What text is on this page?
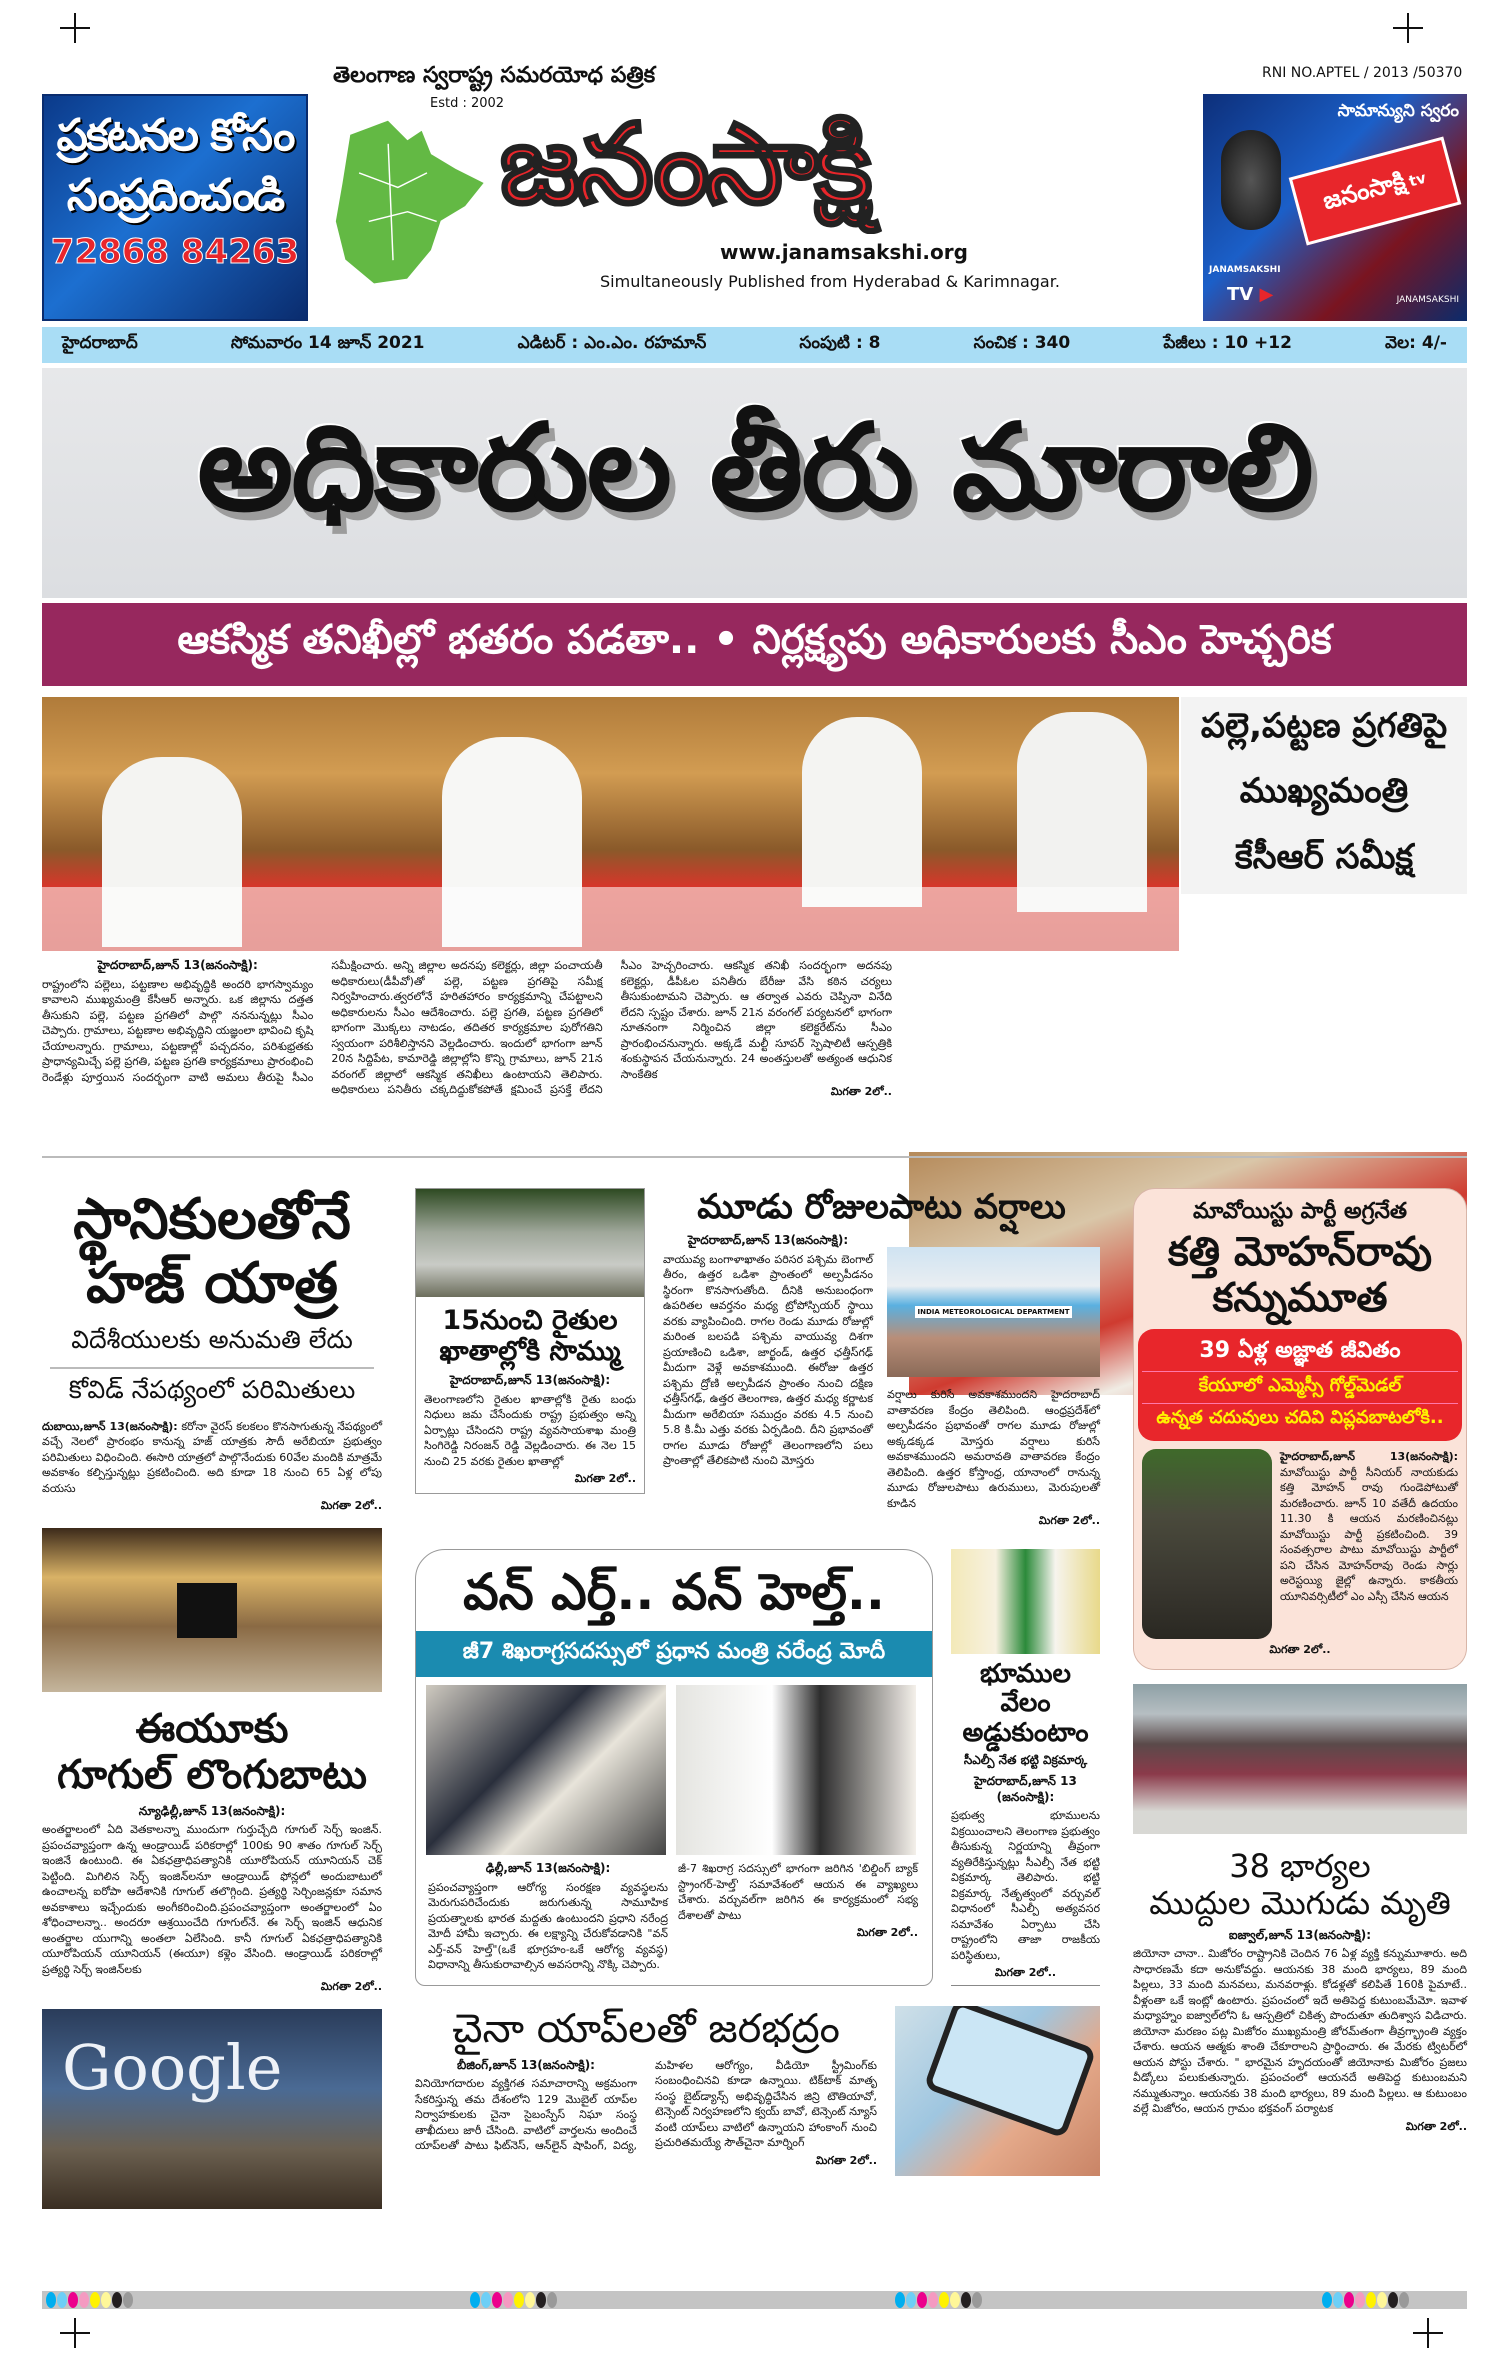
ప్రకటనల కోసం
సంప్రదించండి
72868 84263
తెలంగాణ స్వరాష్ట్ర సమరయోధ పత్రిక
Estd : 2002
జనంసాక్షి
www.janamsakshi.org
Simultaneously Published from Hyderabad & Karimnagar.
RNI NO.APTEL / 2013 /50370
సామాన్యుని స్వరం
జనంసాక్షి
tv
JANAMSAKSHI
TV ▶	JANAMSAKSHI
హైదరాబాద్	సోమవారం 14 జూన్ 2021	ఎడిటర్ : ఎం.ఎం. రహమాన్	సంపుటి : 8	సంచిక : 340	పేజీలు : 10 +12	వెల: 4/-
అధికారుల తీరు మారాలి
ఆకస్మిక తనిఖీల్లో భతరం పడతా.. • నిర్లక్ష్యపు అధికారులకు సీఎం హెచ్చరిక
పల్లె,పట్టణ ప్రగతిపై
ముఖ్యమంత్రి
కేసీఆర్ సమీక్ష
హైదరాబాద్,జూన్ 13(జనంసాక్షి):
రాష్ట్రంలోని పల్లెలు, పట్టణాల అభివృద్ధికి అందరి భాగస్వామ్యం కావాలని ముఖ్యమంత్రి కేసీఆర్ అన్నారు. ఒక జిల్లాను దత్తత తీసుకుని పల్లె, పట్టణ ప్రగతిలో పాల్గొ నననున్నట్లు సీఎం చెప్పారు. గ్రామాలు, పట్టణాల అభివృద్ధిని యజ్ఞంలా భావించి కృషి చేయాలన్నారు. గ్రామాలు, పట్టణాల్లో పచ్చదనం, పరిశుభ్రతకు ప్రాధాన్యమిచ్చే పల్లె ప్రగతి, పట్టణ ప్రగతి కార్యక్రమాలు ప్రారంభించి రెండేళ్లు పూర్తయిన సందర్భంగా వాటి అమలు తీరుపై సీఎం సమీక్షించారు. అన్ని జిల్లాల అదనపు కలెక్టర్లు, జిల్లా పంచాయతీ అధికారులు(డీపీవో)తో పల్లె, పట్టణ ప్రగతిపై సమీక్ష నిర్వహించారు.త్వరలోనే హరితహారం కార్యక్రమాన్ని చేపట్టాలని అధికారులను సీఎం ఆదేశించారు. పల్లె ప్రగతి, పట్టణ ప్రగతిలో భాగంగా మొక్కలు నాటడం, తదితర కార్యక్రమాల పురోగతిని స్వయంగా పరిశీలిస్తానని వెల్లడించారు. ఇందులో భాగంగా జూన్ 20న సిద్దిపేట, కామారెడ్డి జిల్లాల్లోని కొన్ని గ్రామాలు, జూన్ 21న వరంగల్ జిల్లాలో ఆకస్మిక తనిఖీలు ఉంటాయని తెలిపారు. అధికారులు పనితీరు చక్కదిద్దుకోకపోతే క్షమించే ప్రసక్తే లేదని సీఎం హెచ్చరించారు. ఆకస్మిక తనిఖీ సందర్భంగా అదనపు కలెక్టర్లు, డీపీఓల పనితీరు బేరీజు వేసి కఠిన చర్యలు తీసుకుంటామని చెప్పారు. ఆ తర్వాత ఎవరు చెప్పినా వినేది లేదని స్పష్టం చేశారు. జూన్ 21న వరంగల్ పర్యటనలో భాగంగా నూతనంగా నిర్మించిన జిల్లా కలెక్టరేట్‌ను సీఎం ప్రారంభించనున్నారు. అక్కడే మల్టీ సూపర్ స్పెషాలిటీ ఆస్పత్రికి శంకుస్థాపన చేయనున్నారు. 24 అంతస్తులతో అత్యంత ఆధునిక సాంకేతిక
మిగతా 2లో..
స్థానికులతోనే
హజ్ యాత్ర
విదేశీయులకు అనుమతి లేదు
కోవిడ్ నేపథ్యంలో పరిమితులు
దుబాయి,జూన్ 13(జనంసాక్షి): కరోనా వైరస్ కలకలం కొనసాగుతున్న నేపథ్యంలో వచ్చే నెలలో ప్రారంభం కానున్న హజ్ యాత్రకు సౌదీ అరేబియా ప్రభుత్వం పరిమితులు విధించింది. ఈసారి యాత్రలో పాల్గొనేందుకు 60వేల మందికి మాత్రమే అవకాశం కల్పిస్తున్నట్లు ప్రకటించింది. అది కూడా 18 నుంచి 65 ఏళ్ల లోపు వయసు
మిగతా 2లో..
ఈయూకు
గూగుల్ లొంగుబాటు
న్యూఢిల్లీ,జూన్ 13(జనంసాక్షి):
అంతర్జాలంలో ఏది వెతకాలన్నా ముందుగా గుర్తుచ్చేది గూగుల్ సెర్చ్ ఇంజిన్. ప్రపంచవ్యాప్తంగా ఉన్న ఆండ్రాయిడ్ పరికరాల్లో 100కు 90 శాతం గూగుల్ సెర్చ్ ఇంజినే ఉంటుంది. ఈ ఏకఛత్రాధిపత్యానికి యూరోపియన్ యూనియన్ చెక్ పెట్టింది. మిగిలిన సెర్చ్ ఇంజిన్‌లనూ ఆండ్రాయిడ్ ఫోన్లలో అందుబాటులో ఉంచాలన్న ఐరోపా ఆదేశానికి గూగుల్ తలొగ్గింది. ప్రత్యర్థి సెర్చింజన్లకూ సమాన అవకాశాలు ఇచ్చేందుకు అంగీకరించింది.ప్రపంచవ్యాప్తంగా అంతర్జాలంలో ఏం శోధించాలన్నా.. అందరూ ఆశ్రయించేది గూగుల్‌నే. ఈ సెర్చ్ ఇంజిన్ ఆధునిక అంతర్జాల యుగాన్ని అంతలా ఏలేసింది. కానీ గూగుల్ ఏకఛత్రాధిపత్యానికి యూరోపియన్ యూనియన్ (ఈయూ) కళ్లెం వేసింది. ఆండ్రాయిడ్ పరికరాల్లో ప్రత్యర్థి సెర్చ్ ఇంజిన్‌లకు
మిగతా 2లో..
Google
15నుంచి రైతుల
ఖాతాల్లోకి సొమ్ము
హైదరాబాద్,జూన్ 13(జనంసాక్షి):
తెలంగాణలోని రైతుల ఖాతాల్లోకి రైతు బంధు నిధులు జమ చేసేందుకు రాష్ట్ర ప్రభుత్వం అన్ని ఏర్పాట్లు చేసిందని రాష్ట్ర వ్యవసాయశాఖ మంత్రి సింగిరెడ్డి నిరంజన్ రెడ్డి వెల్లడించారు. ఈ నెల 15 నుంచి 25 వరకు రైతుల ఖాతాల్లో
మిగతా 2లో..
మూడు రోజులపాటు వర్షాలు
హైదరాబాద్,జూన్ 13(జనంసాక్షి):
వాయువ్య బంగాళాఖాతం పరిసర పశ్చిమ బెంగాల్ తీరం, ఉత్తర ఒడిశా ప్రాంతంలో అల్పపీడనం స్థిరంగా కొనసాగుతోంది. దీనికి అనుబంధంగా ఉపరితల ఆవర్తనం మధ్య ట్రోపోస్పియర్ స్థాయి వరకు వ్యాపించింది. రాగల రెండు మూడు రోజుల్లో మరింత బలపడి పశ్చిమ వాయువ్య దిశగా ప్రయాణించి ఒడిశా, జార్ఖండ్, ఉత్తర ఛత్తీస్‌గఢ్ మీదుగా వెళ్లే అవకాశముంది. ఈరోజు ఉత్తర పశ్చిమ ద్రోణి అల్పపీడన ప్రాంతం నుంచి దక్షిణ ఛత్తీస్‌గఢ్, ఉత్తర తెలంగాణ, ఉత్తర మధ్య కర్ణాటక మీదుగా అరేబియా సముద్రం వరకు 4.5 నుంచి 5.8 కి.మీ ఎత్తు వరకు ఏర్పడింది. దీని ప్రభావంతో రాగల మూడు రోజుల్లో తెలంగాణలోని పలు ప్రాంతాల్లో తేలికపాటి నుంచి మోస్తరు
INDIA METEOROLOGICAL DEPARTMENT
వర్షాలు కురిసే అవకాశముందని హైదరాబాద్ వాతావరణ కేంద్రం తెలిపింది. ఆంధ్రప్రదేశ్‌లో అల్పపీడనం ప్రభావంతో రాగల మూడు రోజుల్లో అక్కడక్కడ మోస్తరు వర్షాలు కురిసే అవకాశముందని అమరావతి వాతావరణ కేంద్రం తెలిపింది. ఉత్తర కోస్తాంధ్ర, యానాంలో రానున్న మూడు రోజులపాటు ఉరుములు, మెరుపులతో కూడిన
మిగతా 2లో..
వన్ ఎర్త్.. వన్ హెల్త్..
జీ7 శిఖరాగ్రసదస్సులో ప్రధాన మంత్రి నరేంద్ర మోదీ
ఢిల్లీ,జూన్ 13(జనంసాక్షి):
ప్రపంచవ్యాప్తంగా ఆరోగ్య సంరక్షణ వ్యవస్థలను మెరుగుపరిచేందుకు జరుగుతున్న సామూహిక ప్రయత్నాలకు భారత మద్దతు ఉంటుందని ప్రధాని నరేంద్ర మోదీ హామీ ఇచ్చారు. ఈ లక్ష్యాన్ని చేరుకోవడానికి "వన్ ఎర్త్-వన్ హెల్త్"(ఒకే భూగ్రహం-ఒకే ఆరోగ్య వ్యవస్థ) విధానాన్ని తీసుకురావాల్సిన అవసరాన్ని నొక్కి చెప్పారు.
జీ-7 శిఖరాగ్ర సదస్సులో భాగంగా జరిగిన 'బిల్డింగ్ బ్యాక్ స్ట్రాంగర్-హెల్త్' సమావేశంలో ఆయన ఈ వ్యాఖ్యలు చేశారు. వర్చువల్‌గా జరిగిన ఈ కార్యక్రమంలో సభ్య దేశాలతో పాటు
మిగతా 2లో..
భూముల
వేలం
అడ్డుకుంటాం
సీఎల్పీ నేత భట్టి విక్రమార్క
హైదరాబాద్,జూన్ 13 (జనంసాక్షి):
ప్రభుత్వ భూములను విక్రయించాలని తెలంగాణ ప్రభుత్వం తీసుకున్న నిర్ణయాన్ని తీవ్రంగా వ్యతిరేకిస్తున్నట్లు సీఎల్పీ నేత భట్టి విక్రమార్క తెలిపారు. భట్టి విక్రమార్క నేతృత్వంలో వర్చువల్ విధానంలో సీఎల్పీ అత్యవసర సమావేశం ఏర్పాటు చేసి రాష్ట్రంలోని తాజా రాజకీయ పరిస్థితులు,
మిగతా 2లో..
చైనా యాప్‌లతో జరభద్రం
బీజింగ్,జూన్ 13(జనంసాక్షి):
వినియోగదారుల వ్యక్తిగత సమాచారాన్ని అక్రమంగా సేకరిస్తున్న తమ దేశంలోని 129 మొబైల్ యాప్‌ల నిర్వాహకులకు చైనా సైబంస్పేస్ నిఘా సంస్థ తాఖీదులు జారీ చేసింది. వాటిలో వార్తలను అందించే యాప్‌లతో పాటు ఫిట్‌నెస్, ఆన్‌లైన్ షాపింగ్, విద్య, మహిళల ఆరోగ్యం, వీడియో స్ట్రీమింగ్‌కు సంబంధించినవి కూడా ఉన్నాయి. టిక్‌టాక్ మాతృ సంస్థ బైట్‌డ్యాన్స్ అభివృద్ధిచేసిన జిన్రి టౌతియావో, టెన్సెంట్ నిర్వహణలోని క్వయ్ బావో, టెన్సెంట్ న్యూస్ వంటి యాప్‌లు వాటిలో ఉన్నాయని హాంకాంగ్ నుంచి ప్రచురితమయ్యే సౌత్‌చైనా మార్నింగ్
మిగతా 2లో..
మావోయిస్టు పార్టీ అగ్రనేత
కత్తి మోహన్‌రావు
కన్నుమూత
39 ఏళ్ల అజ్ఞాత జీవితం
కేయూలో ఎమ్మెస్సీ గోల్డ్‌మెడల్
ఉన్నత చదువులు చదివి విప్లవబాటలోకి..
హైదరాబాద్,జూన్ 13(జనంసాక్షి): మావోయిస్టు పార్టీ సీనియర్ నాయకుడు కత్తి మోహన్ రావు గుండెపోటుతో మరణించారు. జూన్ 10 వతేదీ ఉదయం 11.30 కి ఆయన మరణించినట్లు మావోయిస్టు పార్టీ ప్రకటించింది. 39 సంవత్సరాల పాటు మావోయిస్టు పార్టీలో పని చేసిన మోహన్‌రావు రెండు సార్లు అరెస్టయ్యి జైల్లో ఉన్నారు. కాకతీయ యూనివర్సిటీలో ఎం ఎస్సీ చేసిన ఆయన
మిగతా 2లో..
38 భార్యల
ముద్దుల మొగుడు మృతి
ఐజ్వాల్,జూన్ 13(జనంసాక్షి):
జియోనా చానా.. మిజోరం రాష్ట్రానికి చెందిన 76 ఏళ్ల వ్యక్తి కన్నుమూశారు. అది సాధారణమే కదా అనుకోవద్దు. ఆయనకు 38 మంది భార్యలు, 89 మంది పిల్లలు, 33 మంది మనవలు, మనవరాళ్లు. కోడళ్లతో కలిపితే 160కి పైమాటే.. వీళ్లంతా ఒకే ఇంట్లో ఉంటారు. ప్రపంచంలో ఇదే అతిపెద్ద కుటుంబమేమో. ఇవాళ మధ్యాహ్నం ఐజ్వాల్‌లోని ఓ ఆస్పత్రిలో చికిత్స పొందుతూ తుదిశ్వాస విడిచారు. జియోనా మరణం పట్ల మిజోరం ముఖ్యమంత్రి జోరమ్‌తంగా తీవ్రగ్భ్రాంతి వ్యక్తం చేశారు. ఆయన ఆత్మకు శాంతి చేకూరాలని ప్రార్థించారు. ఈ మేరకు ట్విటర్‌లో ఆయన పోస్టు చేశారు. " భారమైన హృదయంతో జియోనాకు మిజోరం ప్రజలు వీడ్కోలు పలుకుతున్నారు. ప్రపంచంలో ఆయనదే అతిపెద్ద కుటుంబమని నమ్ముతున్నాం. ఆయనకు 38 మంది భార్యలు, 89 మంది పిల్లలు. ఆ కుటుంబం వల్లే మిజోరం, ఆయన గ్రామం భక్తవంగ్ పర్యాటక
మిగతా 2లో..
